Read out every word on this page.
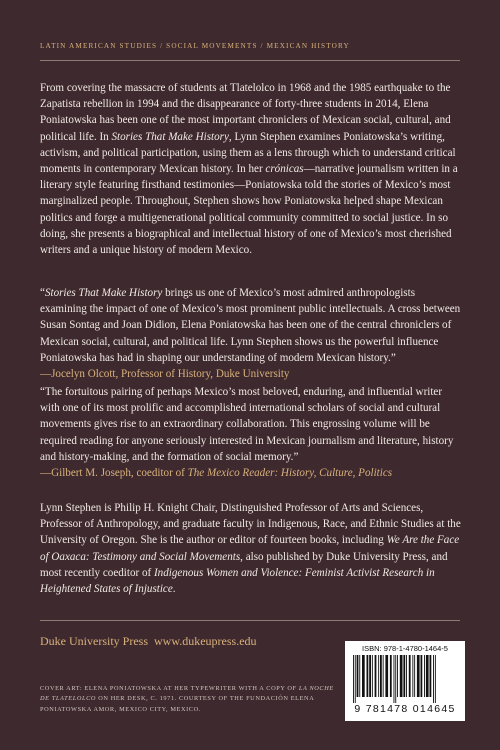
LATIN AMERICAN STUDIES / SOCIAL MOVEMENTS / MEXICAN HISTORY
From covering the massacre of students at Tlatelolco in 1968 and the 1985 earthquake to the Zapatista rebellion in 1994 and the disappearance of forty-three students in 2014, Elena Poniatowska has been one of the most important chroniclers of Mexican social, cultural, and political life. In Stories That Make History, Lynn Stephen examines Poniatowska’s writing, activism, and political participation, using them as a lens through which to understand critical moments in contemporary Mexican history. In her crónicas—narrative journalism written in a literary style featuring firsthand testimonies—Poniatowska told the stories of Mexico’s most marginalized people. Throughout, Stephen shows how Poniatowska helped shape Mexican politics and forge a multigenerational political community committed to social justice. In so doing, she presents a biographical and intellectual history of one of Mexico’s most cherished writers and a unique history of modern Mexico.
“Stories That Make History brings us one of Mexico’s most admired anthropologists examining the impact of one of Mexico’s most prominent public intellectuals. A cross between Susan Sontag and Joan Didion, Elena Poniatowska has been one of the central chroniclers of Mexican social, cultural, and political life. Lynn Stephen shows us the powerful influence Poniatowska has had in shaping our understanding of modern Mexican history.”
—Jocelyn Olcott, Professor of History, Duke University
“The fortuitous pairing of perhaps Mexico’s most beloved, enduring, and influential writer with one of its most prolific and accomplished international scholars of social and cultural movements gives rise to an extraordinary collaboration. This engrossing volume will be required reading for anyone seriously interested in Mexican journalism and literature, history and history-making, and the formation of social memory.”
—Gilbert M. Joseph, coeditor of The Mexico Reader: History, Culture, Politics
Lynn Stephen is Philip H. Knight Chair, Distinguished Professor of Arts and Sciences, Professor of Anthropology, and graduate faculty in Indigenous, Race, and Ethnic Studies at the University of Oregon. She is the author or editor of fourteen books, including We Are the Face of Oaxaca: Testimony and Social Movements, also published by Duke University Press, and most recently coeditor of Indigenous Women and Violence: Feminist Activist Research in Heightened States of Injustice.
Duke University Press www.dukeupress.edu
COVER ART: ELENA PONIATOWSKA AT HER TYPEWRITER WITH A COPY OF LA NOCHE DE TLATELOLCO ON HER DESK, C. 1971. COURTESY OF THE FUNDACIÓN ELENA PONIATOWSKA AMOR, MEXICO CITY, MEXICO.
ISBN: 978-1-4780-1464-5
9 781478 014645
